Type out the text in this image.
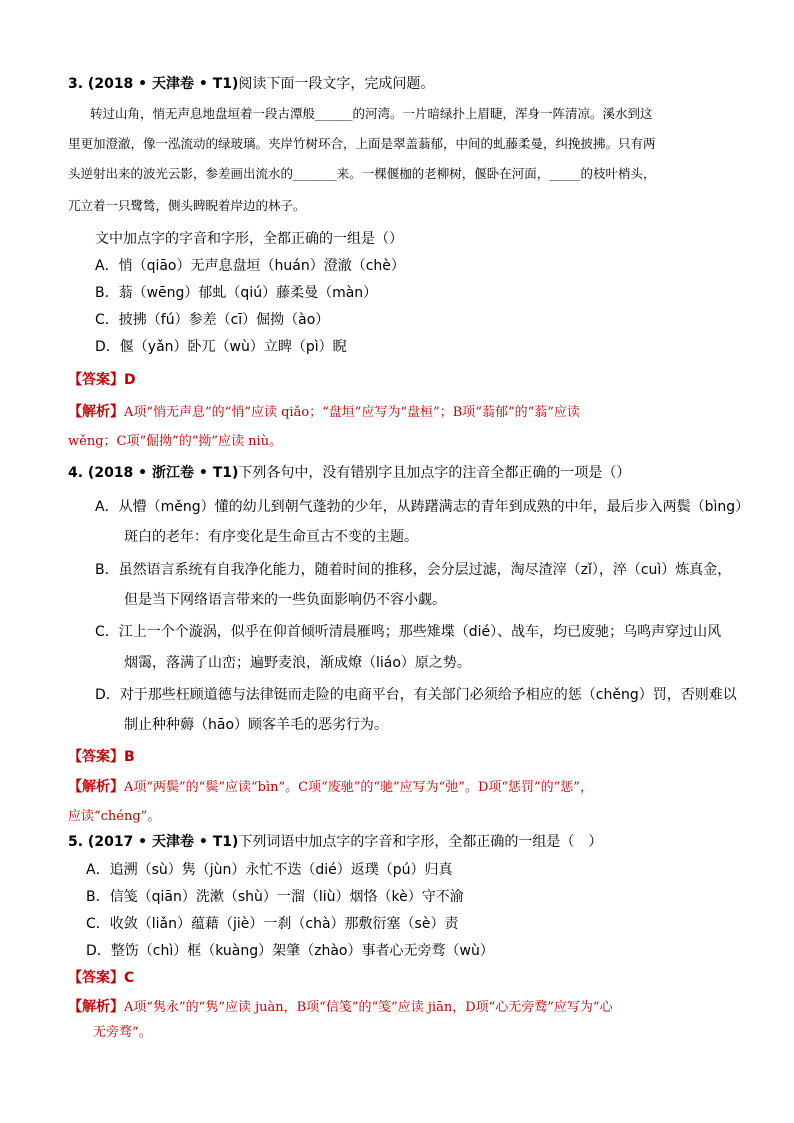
3. (2018 • 天津卷 • T1)阅读下面一段文字，完成问题。
转过山角，悄无声息地盘垣着一段古潭般______的河湾。一片暗绿扑上眉睫，浑身一阵清凉。溪水到这
里更加澄澈，像一泓流动的绿玻璃。夹岸竹树环合，上面是翠盖蓊郁，中间的虬藤柔曼，纠挽披拂。只有两
头逆射出来的波光云影，参差画出流水的_______来。一棵偃枷的老柳树，偃卧在河面，_____的枝叶梢头，
兀立着一只鹭鸶，侧头睥睨着岸边的林子。
文中加点字的字音和字形，全都正确的一组是（）
A．悄（qiāo）无声息盘垣（huán）澄澈（chè）
B．蓊（wēng）郁虬（qiú）藤柔曼（màn）
C．披拂（fú）参差（cī）倔拗（ào）
D．偃（yǎn）卧兀（wù）立睥（pì）睨
【答案】D
【解析】A项“悄无声息”的“悄”应读 qiǎo；“盘垣”应写为“盘桓”；B项“蓊郁”的“蓊”应读
wěng；C项“倔拗”的“拗”应读 niù。
4. (2018 • 浙江卷 • T1)下列各句中，没有错别字且加点字的注音全都正确的一项是（）
A．从懵（měng）懂的幼儿到朝气蓬勃的少年，从踌躇满志的青年到成熟的中年，最后步入两鬓（bìng）
斑白的老年：有序变化是生命亘古不变的主题。
B．虽然语言系统有自我净化能力，随着时间的推移，会分层过滤，淘尽渣滓（zǐ），淬（cuì）炼真金，
但是当下网络语言带来的一些负面影响仍不容小觑。
C．江上一个个漩涡，似乎在仰首倾听清晨雁鸣；那些雉堞（dié）、战车，均已废驰；乌鸣声穿过山风
烟霭，落满了山峦；遍野麦浪，渐成燎（liáo）原之势。
D．对于那些枉顾道德与法律铤而走险的电商平台，有关部门必须给予相应的惩（chěng）罚，否则难以
制止种种薅（hāo）顾客羊毛的恶劣行为。
【答案】B
【解析】A项“两鬓”的“鬓”应读“bìn”。C项“废驰”的“驰”应写为“弛”。D项“惩罚”的“惩”，
应读“chéng”。
5. (2017 • 天津卷 • T1)下列词语中加点字的字音和字形，全都正确的一组是（　）
A．追溯（sù）隽（jùn）永忙不迭（dié）返璞（pú）归真
B．信笺（qiān）洗漱（shù）一溜（liù）烟恪（kè）守不渝
C．收敛（liǎn）蕴藉（jiè）一刹（chà）那敷衍塞（sè）责
D．整饬（chì）框（kuàng）架肇（zhào）事者心无旁骛（wù）
【答案】C
【解析】A项“隽永”的“隽”应读 juàn，B项“信笺”的“笺”应读 jiān，D项“心无旁鹜”应写为“心
无旁骛“。
